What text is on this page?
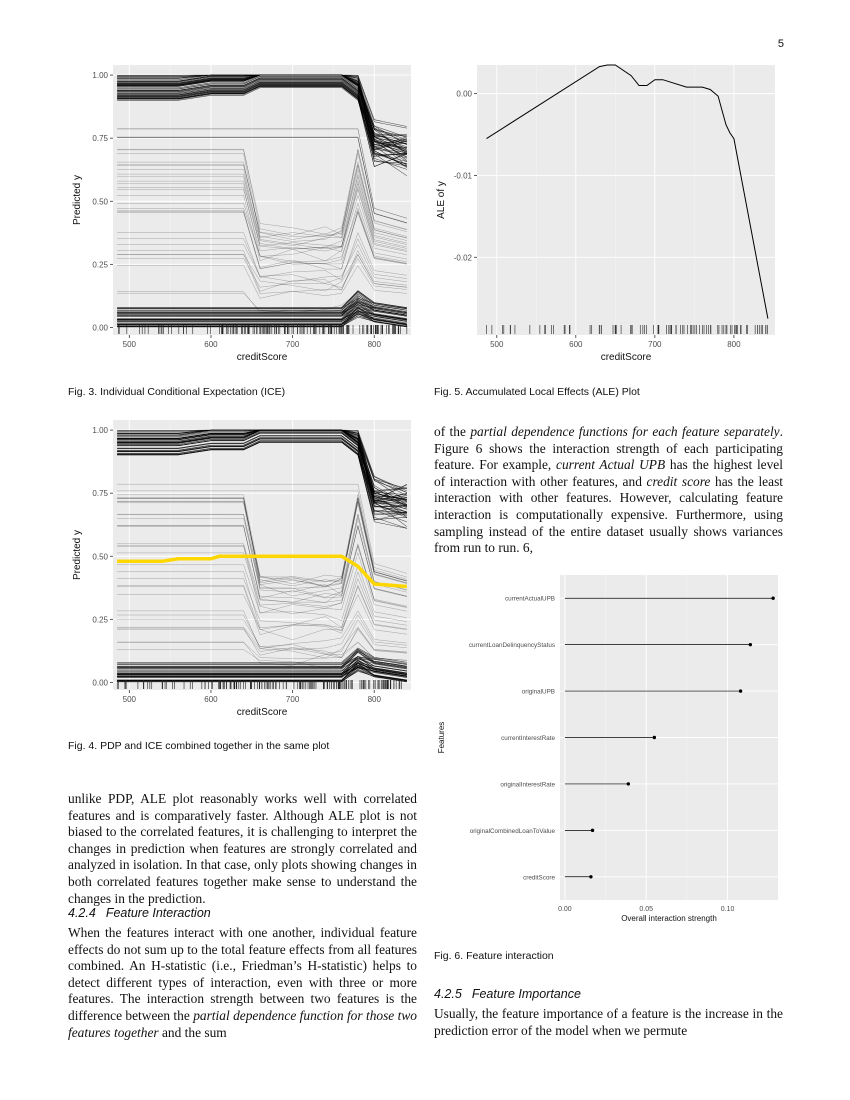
5
500	600	700	800
0.00
0.25
0.50
0.75
1.00
creditScore
Predicted y
Fig. 3. Individual Conditional Expectation (ICE)
500	600	700	800
0.00
0.25
0.50
0.75
1.00
creditScore
Predicted y
Fig. 4. PDP and ICE combined together in the same plot
500	600	700	800
0.00
-0.01
-0.02
creditScore
ALE of y
Fig. 5. Accumulated Local Effects (ALE) Plot
of the partial dependence functions for each feature separately. Figure 6 shows the interaction strength of each participating feature. For example, current Actual UPB has the highest level of interaction with other features, and credit score has the least interaction with other features. However, calculating feature interaction is computationally expensive. Furthermore, using sampling instead of the entire dataset usually shows variances from run to run. 6,
0.00	0.05	0.10
currentActualUPB
currentLoanDelinquencyStatus
originalUPB
currentInterestRate
originalInterestRate
originalCombinedLoanToValue
creditScore
Overall interaction strength
Features
Fig. 6. Feature interaction
unlike PDP, ALE plot reasonably works well with correlated features and is comparatively faster. Although ALE plot is not biased to the correlated features, it is challenging to interpret the changes in prediction when features are strongly correlated and analyzed in isolation. In that case, only plots showing changes in both correlated features together make sense to understand the changes in the prediction.
4.2.4 Feature Interaction
When the features interact with one another, individual feature effects do not sum up to the total feature effects from all features combined. An H-statistic (i.e., Friedman’s H-statistic) helps to detect different types of interaction, even with three or more features. The interaction strength between two features is the difference between the partial dependence function for those two features together and the sum
4.2.5 Feature Importance
Usually, the feature importance of a feature is the increase in the prediction error of the model when we permute
